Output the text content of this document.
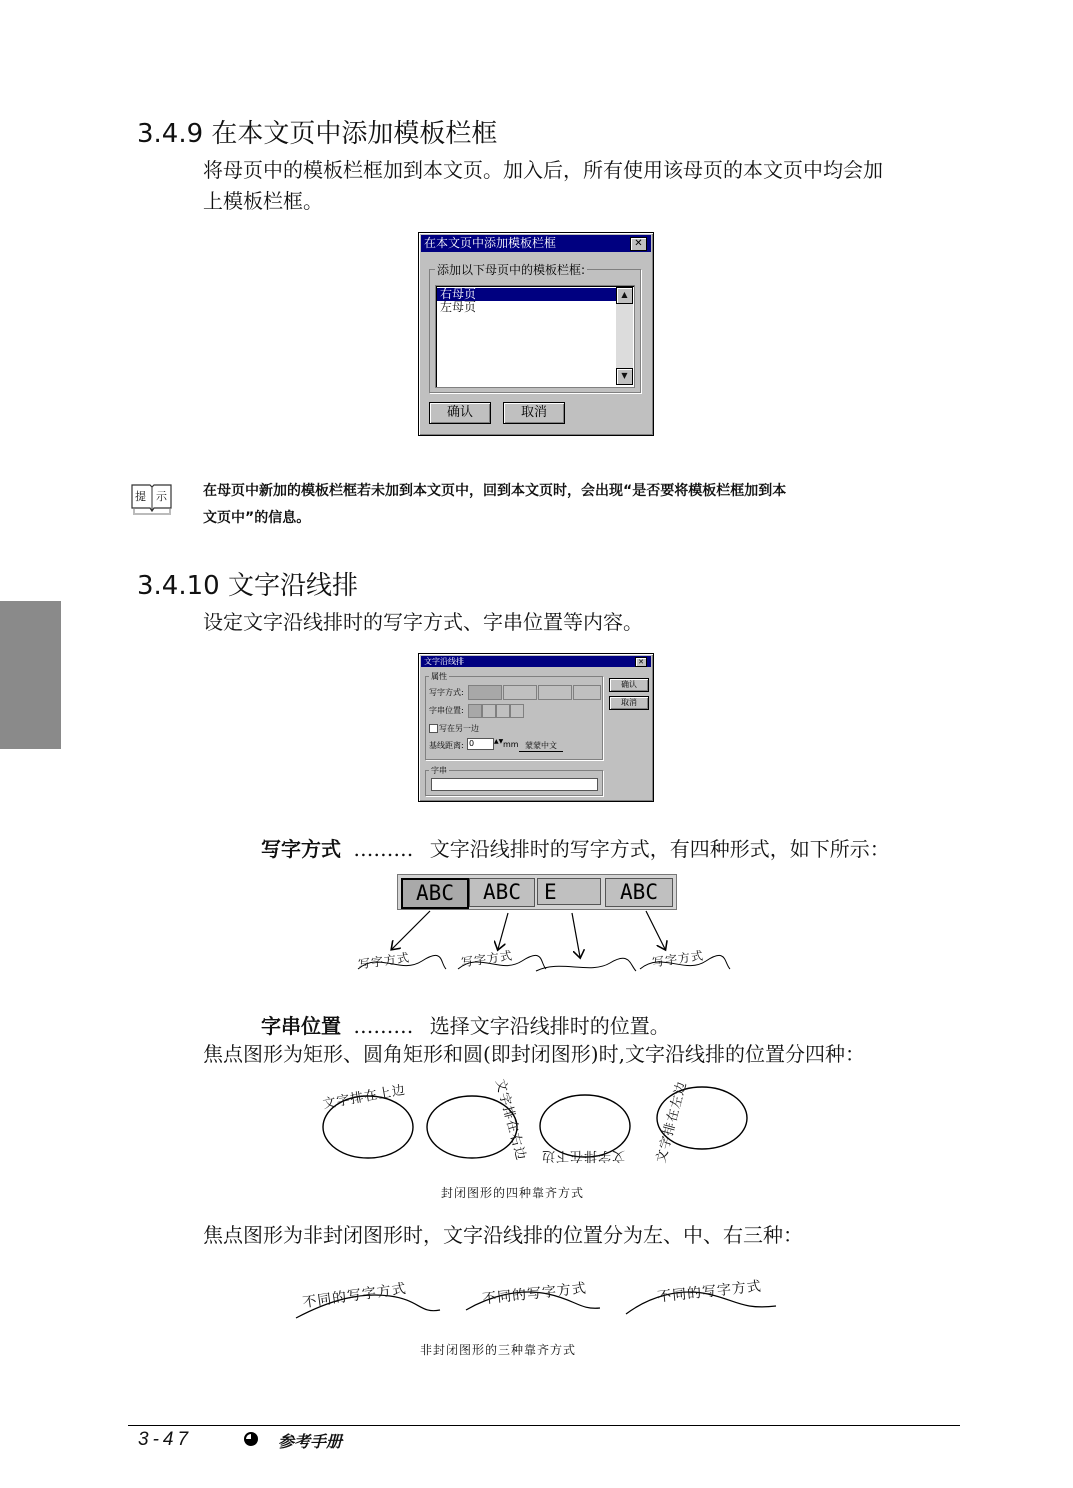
3.4.9 在本文页中添加模板栏框
将母页中的模板栏框加到本文页。加入后，所有使用该母页的本文页中均会加
上模板栏框。
在本文页中添加模板栏框	✕
添加以下母页中的模板栏框:
右母页
左母页
▲
▼
确认	取消
提 示	在母页中新加的模板栏框若未加到本文页中，回到本文页时，会出现“是否要将模板栏框加到本
文页中”的信息。
3.4.10 文字沿线排
设定文字沿线排时的写字方式、字串位置等内容。
文字沿线排	✕
属性
写字方式:
字串位置:
写在另一边
基线距离: 0	▲▼ mm 蒙蒙中文
确认
取消
字串
写字方式 ……… 文字沿线排时的写字方式，有四种形式，如下所示：
ABC	ABC	E	ABC
写字方式	写字方式	写字方式
字串位置 ……… 选择文字沿线排时的位置。
焦点图形为矩形、圆角矩形和圆(即封闭图形)时,文字沿线排的位置分四种：
文字排在上边	文字排在右边 文字排在下边 文字排在左边
封闭图形的四种靠齐方式
焦点图形为非封闭图形时，文字沿线排的位置分为左、中、右三种：
不同的写字方式	不同的写字方式	不同的写字方式
非封闭图形的三种靠齐方式
3-47	参考手册
